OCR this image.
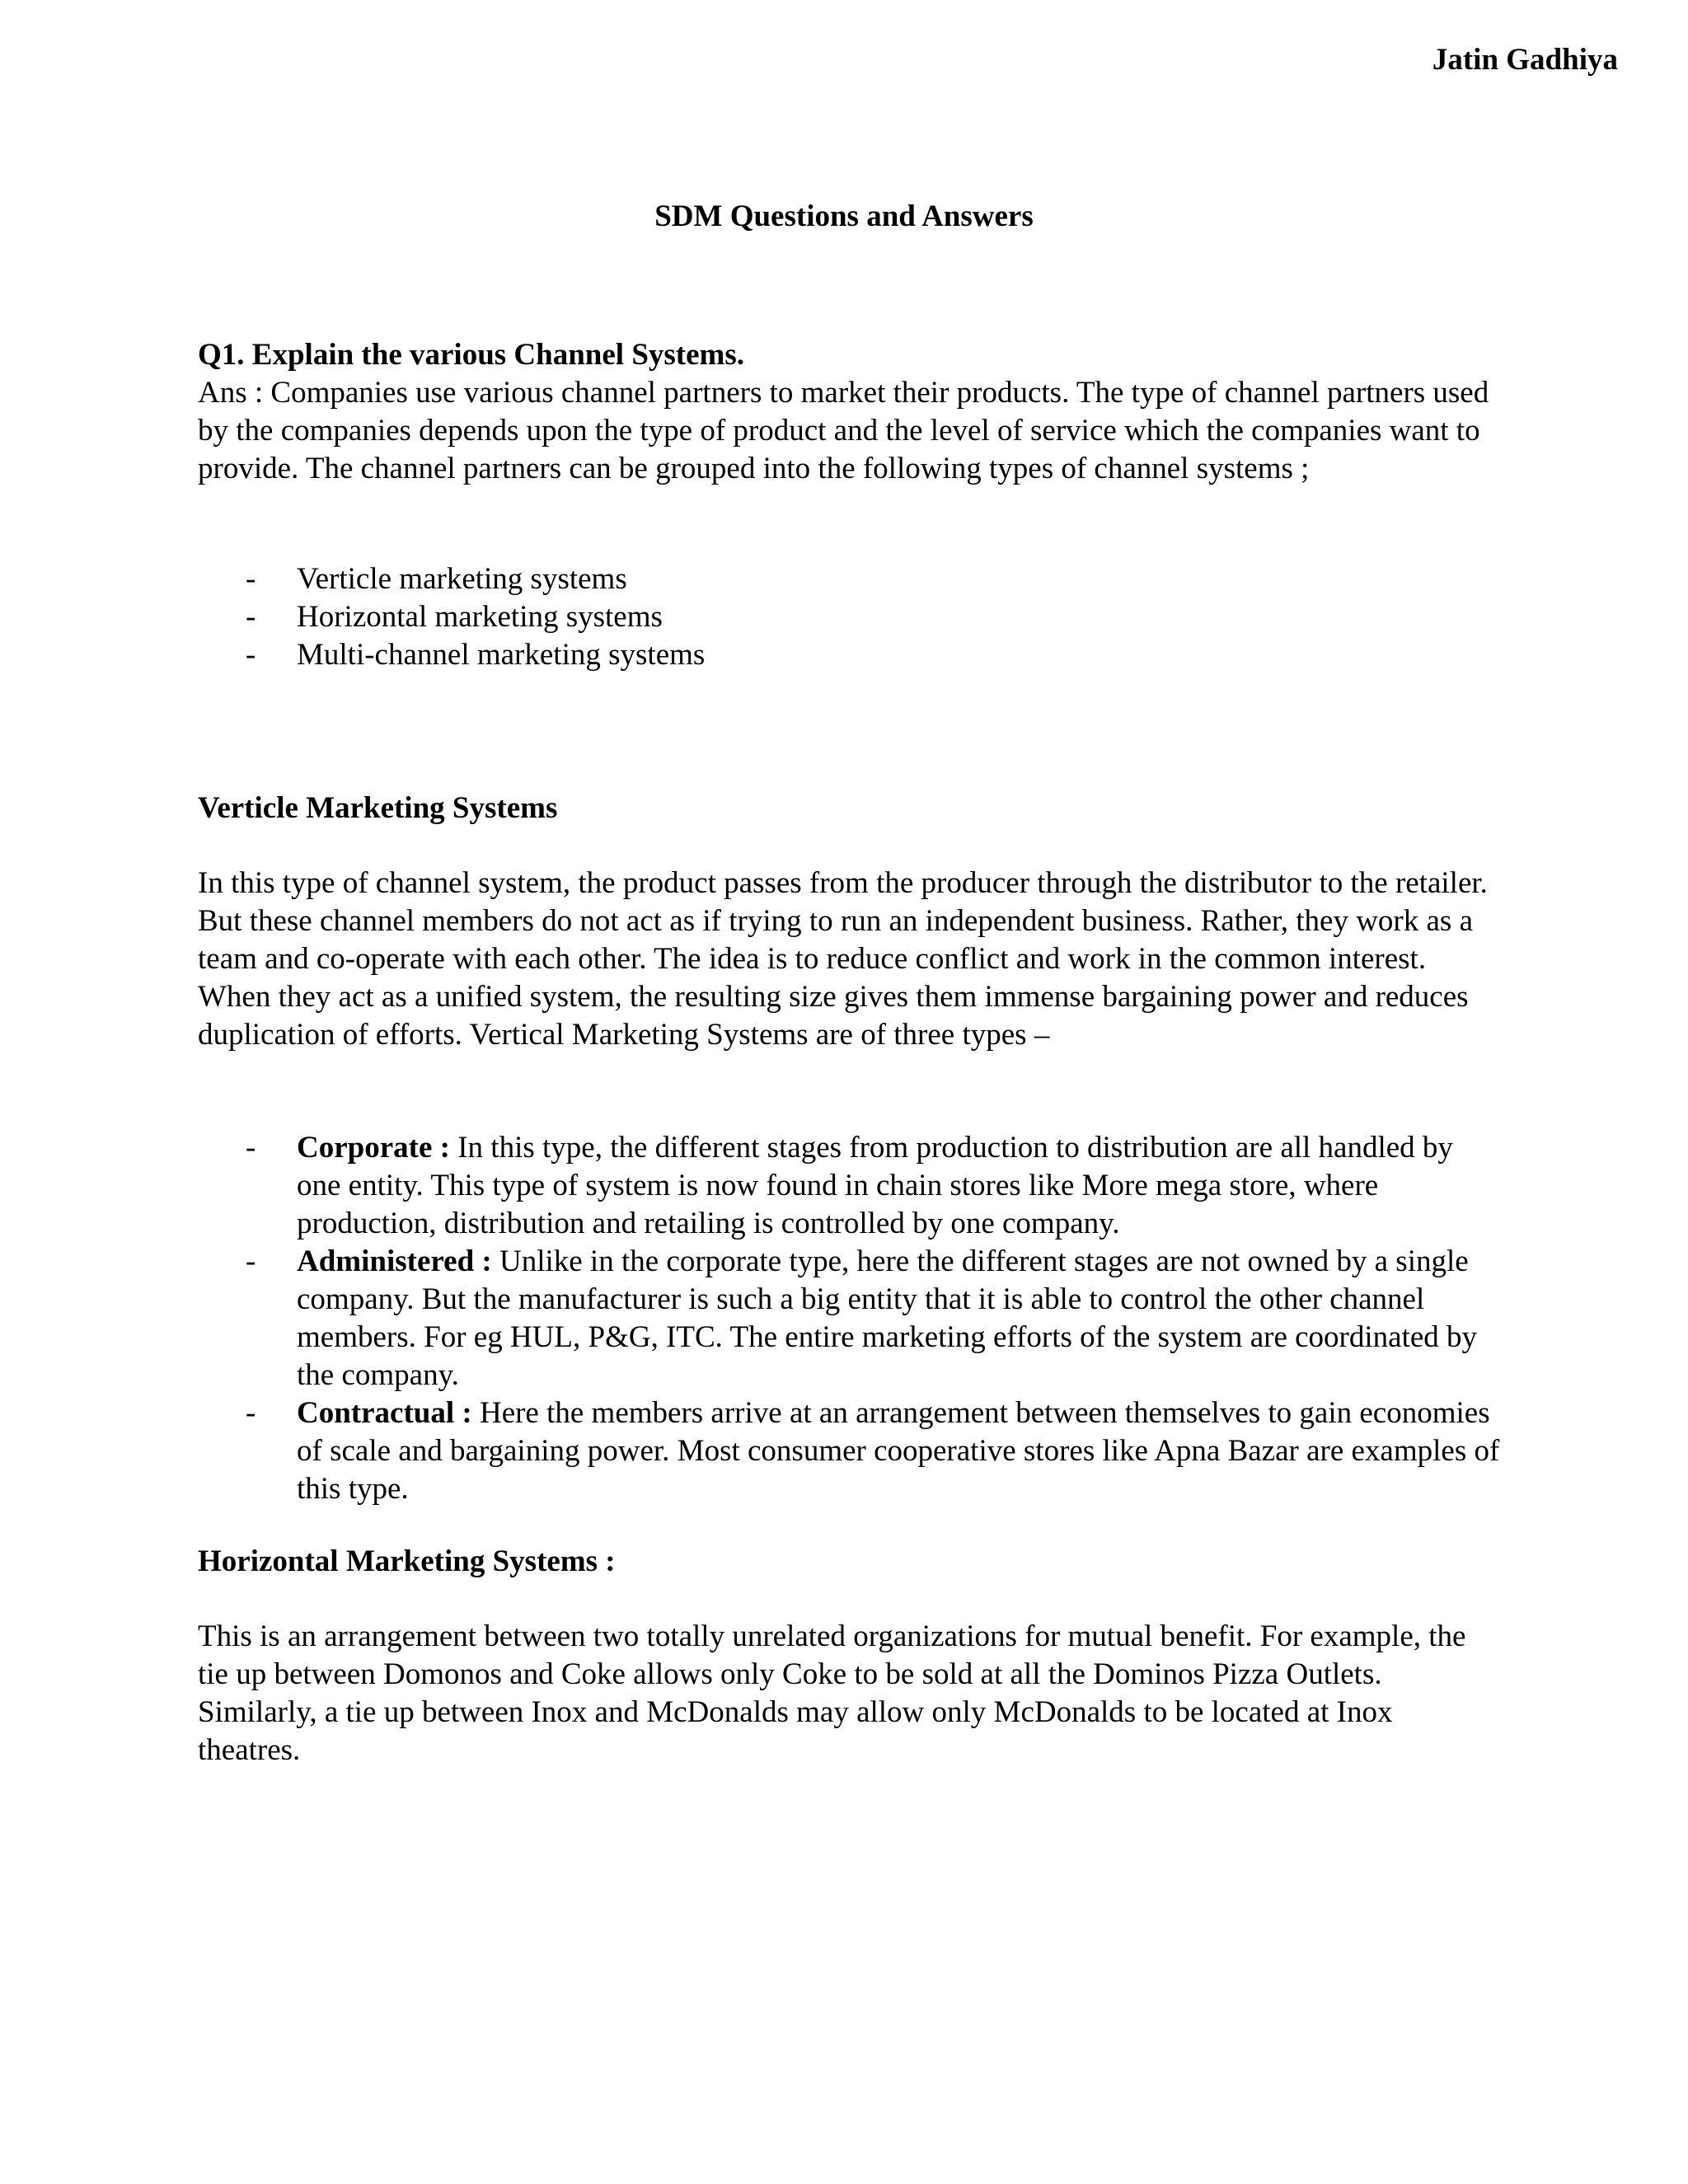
Jatin Gadhiya
SDM Questions and Answers

Q1. Explain the various Channel Systems.

Ans : Companies use various channel partners to market their products. The type of channel partners used by the companies depends upon the type of product and the level of service which the companies want to provide. The channel partners can be grouped into the following types of channel systems ;

- Verticle marketing systems
- Horizontal marketing systems
- Multi-channel marketing systems
Verticle Marketing Systems
In this type of channel system, the product passes from the producer through the distributor to the retailer. But these channel members do not act as if trying to run an independent business. Rather, they work as a team and co-operate with each other. The idea is to reduce conflict and work in the common interest. When they act as a unified system, the resulting size gives them immense bargaining power and reduces duplication of efforts. Vertical Marketing Systems are of three types –
- Corporate : In this type, the different stages from production to distribution are all handled by one entity. This type of system is now found in chain stores like More mega store, where production, distribution and retailing is controlled by one company.
- Administered : Unlike in the corporate type, here the different stages are not owned by a single company. But the manufacturer is such a big entity that it is able to control the other channel members. For eg HUL, P&G, ITC. The entire marketing efforts of the system are coordinated by the company.
- Contractual : Here the members arrive at an arrangement between themselves to gain economies of scale and bargaining power. Most consumer cooperative stores like Apna Bazar are examples of this type.
Horizontal Marketing Systems :
This is an arrangement between two totally unrelated organizations for mutual benefit. For example, the tie up between Domonos and Coke allows only Coke to be sold at all the Dominos Pizza Outlets. Similarly, a tie up between Inox and McDonalds may allow only McDonalds to be located at Inox theatres.
